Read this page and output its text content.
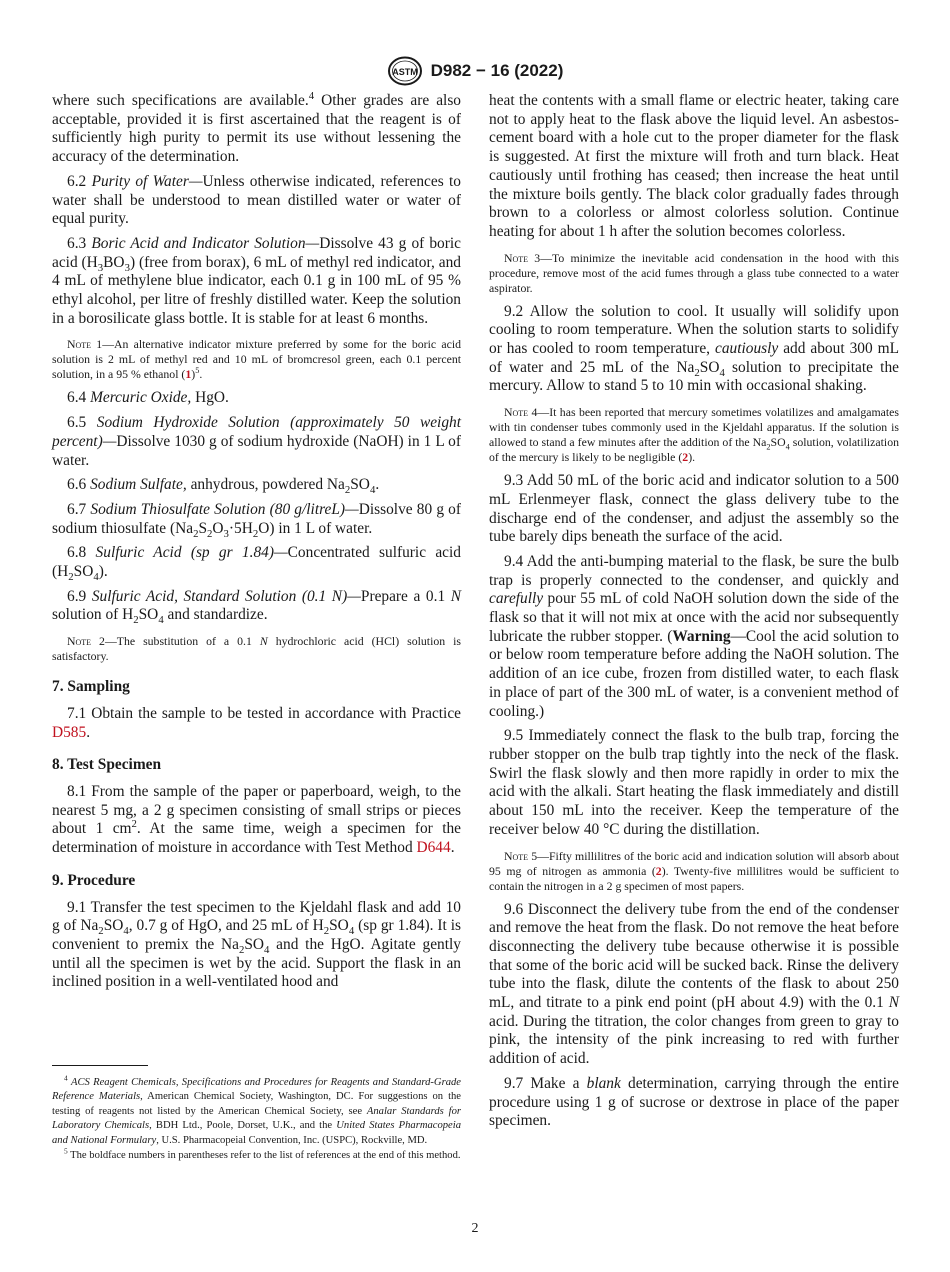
ASTM D982 − 16 (2022)

where such specifications are available.$^4$ Other grades are also acceptable, provided it is first ascertained that the reagent is of sufficiently high purity to permit its use without lessening the accuracy of the determination.

6.2 Purity of Water—Unless otherwise indicated, references to water shall be understood to mean distilled water or water of equal purity.

6.3 Boric Acid and Indicator Solution—Dissolve 43 g of boric acid $(H_3BO_3)$ (free from borax), 6 mL of methyl red indicator, and 4 mL of methylene blue indicator, each 0.1 g in 100 mL of 95 % ethyl alcohol, per litre of freshly distilled water. Keep the solution in a borosilicate glass bottle. It is stable for at least 6 months.

Note 1—An alternative indicator mixture preferred by some for the boric acid solution is 2 mL of methyl red and 10 mL of bromcresol green, each 0.1 percent solution, in a 95 % ethanol $(1)^5$.

6.4 Mercuric Oxide, HgO.

6.5 Sodium Hydroxide Solution (approximately 50 weight percent)—Dissolve 1030 g of sodium hydroxide (NaOH) in 1 L of water.

6.6 Sodium Sulfate, anhydrous, powdered $Na_2SO_4$.

6.7 Sodium Thiosulfate Solution (80 g/litreL)—Dissolve 80 g of sodium thiosulfate $(Na_2S_2O_3\cdot 5H_2O)$ in 1 L of water.

6.8 Sulfuric Acid (sp gr 1.84)—Concentrated sulfuric acid $(H_2SO_4)$.

6.9 Sulfuric Acid, Standard Solution (0.1 N)—Prepare a 0.1 N solution of $H_2SO_4$ and standardize.

Note 2—The substitution of a 0.1 N hydrochloric acid (HCl) solution is satisfactory.
7. Sampling

7.1 Obtain the sample to be tested in accordance with Practice D585.

8. Test Specimen

8.1 From the sample of the paper or paperboard, weigh, to the nearest 5 mg, a 2 g specimen consisting of small strips or pieces about 1 $cm^2$. At the same time, weigh a specimen for the determination of moisture in accordance with Test Method D644.

9. Procedure

9.1 Transfer the test specimen to the Kjeldahl flask and add 10 g of $Na_2SO_4$, 0.7 g of HgO, and 25 mL of $H_2SO_4$ (sp gr 1.84). It is convenient to premix the $Na_2SO_4$ and the HgO. Agitate gently until all the specimen is wet by the acid. Support the flask in an inclined position in a well-ventilated hood and

heat the contents with a small flame or electric heater, taking care not to apply heat to the flask above the liquid level. An asbestos-cement board with a hole cut to the proper diameter for the flask is suggested. At first the mixture will froth and turn black. Heat cautiously until frothing has ceased; then increase the heat until the mixture boils gently. The black color gradually fades through brown to a colorless or almost colorless solution. Continue heating for about 1 h after the solution becomes colorless.

Note 3—To minimize the inevitable acid condensation in the hood with this procedure, remove most of the acid fumes through a glass tube connected to a water aspirator.

9.2 Allow the solution to cool. It usually will solidify upon cooling to room temperature. When the solution starts to solidify or has cooled to room temperature, cautiously add about 300 mL of water and 25 mL of the $Na_2SO_4$ solution to precipitate the mercury. Allow to stand 5 to 10 min with occasional shaking.

Note 4—It has been reported that mercury sometimes volatilizes and amalgamates with tin condenser tubes commonly used in the Kjeldahl apparatus. If the solution is allowed to stand a few minutes after the addition of the $Na_2SO_4$ solution, volatilization of the mercury is likely to be negligible (2).

9.3 Add 50 mL of the boric acid and indicator solution to a 500 mL Erlenmeyer flask, connect the glass delivery tube to the discharge end of the condenser, and adjust the assembly so the tube barely dips beneath the surface of the acid.

9.4 Add the anti-bumping material to the flask, be sure the bulb trap is properly connected to the condenser, and quickly and carefully pour 55 mL of cold NaOH solution down the side of the flask so that it will not mix at once with the acid nor subsequently lubricate the rubber stopper. (Warning—Cool the acid solution to or below room temperature before adding the NaOH solution. The addition of an ice cube, frozen from distilled water, to each flask in place of part of the 300 mL of water, is a convenient method of cooling.)

9.5 Immediately connect the flask to the bulb trap, forcing the rubber stopper on the bulb trap tightly into the neck of the flask. Swirl the flask slowly and then more rapidly in order to mix the acid with the alkali. Start heating the flask immediately and distill about 150 mL into the receiver. Keep the temperature of the receiver below 40 °C during the distillation.

Note 5—Fifty millilitres of the boric acid and indication solution will absorb about 95 mg of nitrogen as ammonia (2). Twenty-five millilitres would be sufficient to contain the nitrogen in a 2 g specimen of most papers.

9.6 Disconnect the delivery tube from the end of the condenser and remove the heat from the flask. Do not remove the heat before disconnecting the delivery tube because otherwise it is possible that some of the boric acid will be sucked back. Rinse the delivery tube into the flask, dilute the contents of the flask to about 250 mL, and titrate to a pink end point (pH about 4.9) with the 0.1 N acid. During the titration, the color changes from green to gray to pink, the intensity of the pink increasing to red with further addition of acid.

9.7 Make a blank determination, carrying through the entire procedure using 1 g of sucrose or dextrose in place of the paper specimen.

$^4$ ACS Reagent Chemicals, Specifications and Procedures for Reagents and Standard-Grade Reference Materials, American Chemical Society, Washington, DC. For suggestions on the testing of reagents not listed by the American Chemical Society, see Analar Standards for Laboratory Chemicals, BDH Ltd., Poole, Dorset, U.K., and the United States Pharmacopeia and National Formulary, U.S. Pharmacopeial Convention, Inc. (USPC), Rockville, MD.

$^5$ The boldface numbers in parentheses refer to the list of references at the end of this method.

2
